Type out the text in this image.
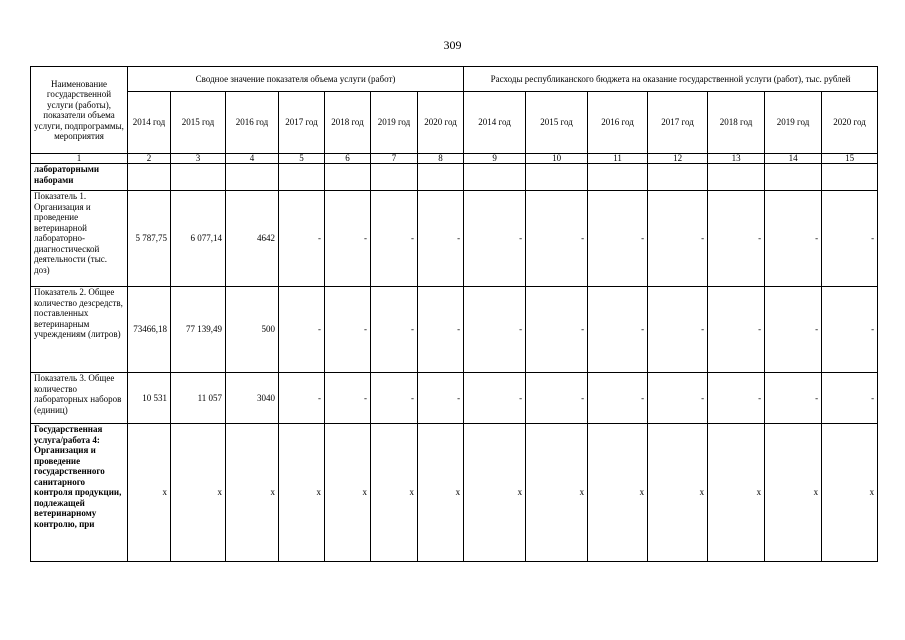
309
Наименование государственной услуги (работы), показатели объема услуги, подпрограммы, мероприятия	Сводное значение показателя объема услуги (работ)							Расходы республиканского бюджета на оказание государственной услуги (работ), тыс. рублей						
	2014 год	2015 год	2016 год	2017 год	2018 год	2019 год	2020 год	2014 год	2015 год	2016 год	2017 год	2018 год	2019 год	2020 год
1	2	3	4	5	6	7	8	9	10	11	12	13	14	15
лабораторными наборами														
Показатель 1. Организация и проведение ветеринарной лабораторно-диагностической деятельности (тыс. доз)	5 787,75	6 077,14	4642	-	-	-	-	-	-	-	-	-	-	-
Показатель 2. Общее количество дезсредств, поставленных ветеринарным учреждениям (литров)	73466,18	77 139,49	500	-	-	-	-	-	-	-	-	-	-	-
Показатель 3. Общее количество лабораторных наборов (единиц)	10 531	11 057	3040	-	-	-	-	-	-	-	-	-	-	-
Государственная услуга/работа 4: Организация и проведение государственного санитарного контроля продукции, подлежащей ветеринарному контролю, при	x	x	x	x	x	x	x	x	x	x	x	x	x	x
